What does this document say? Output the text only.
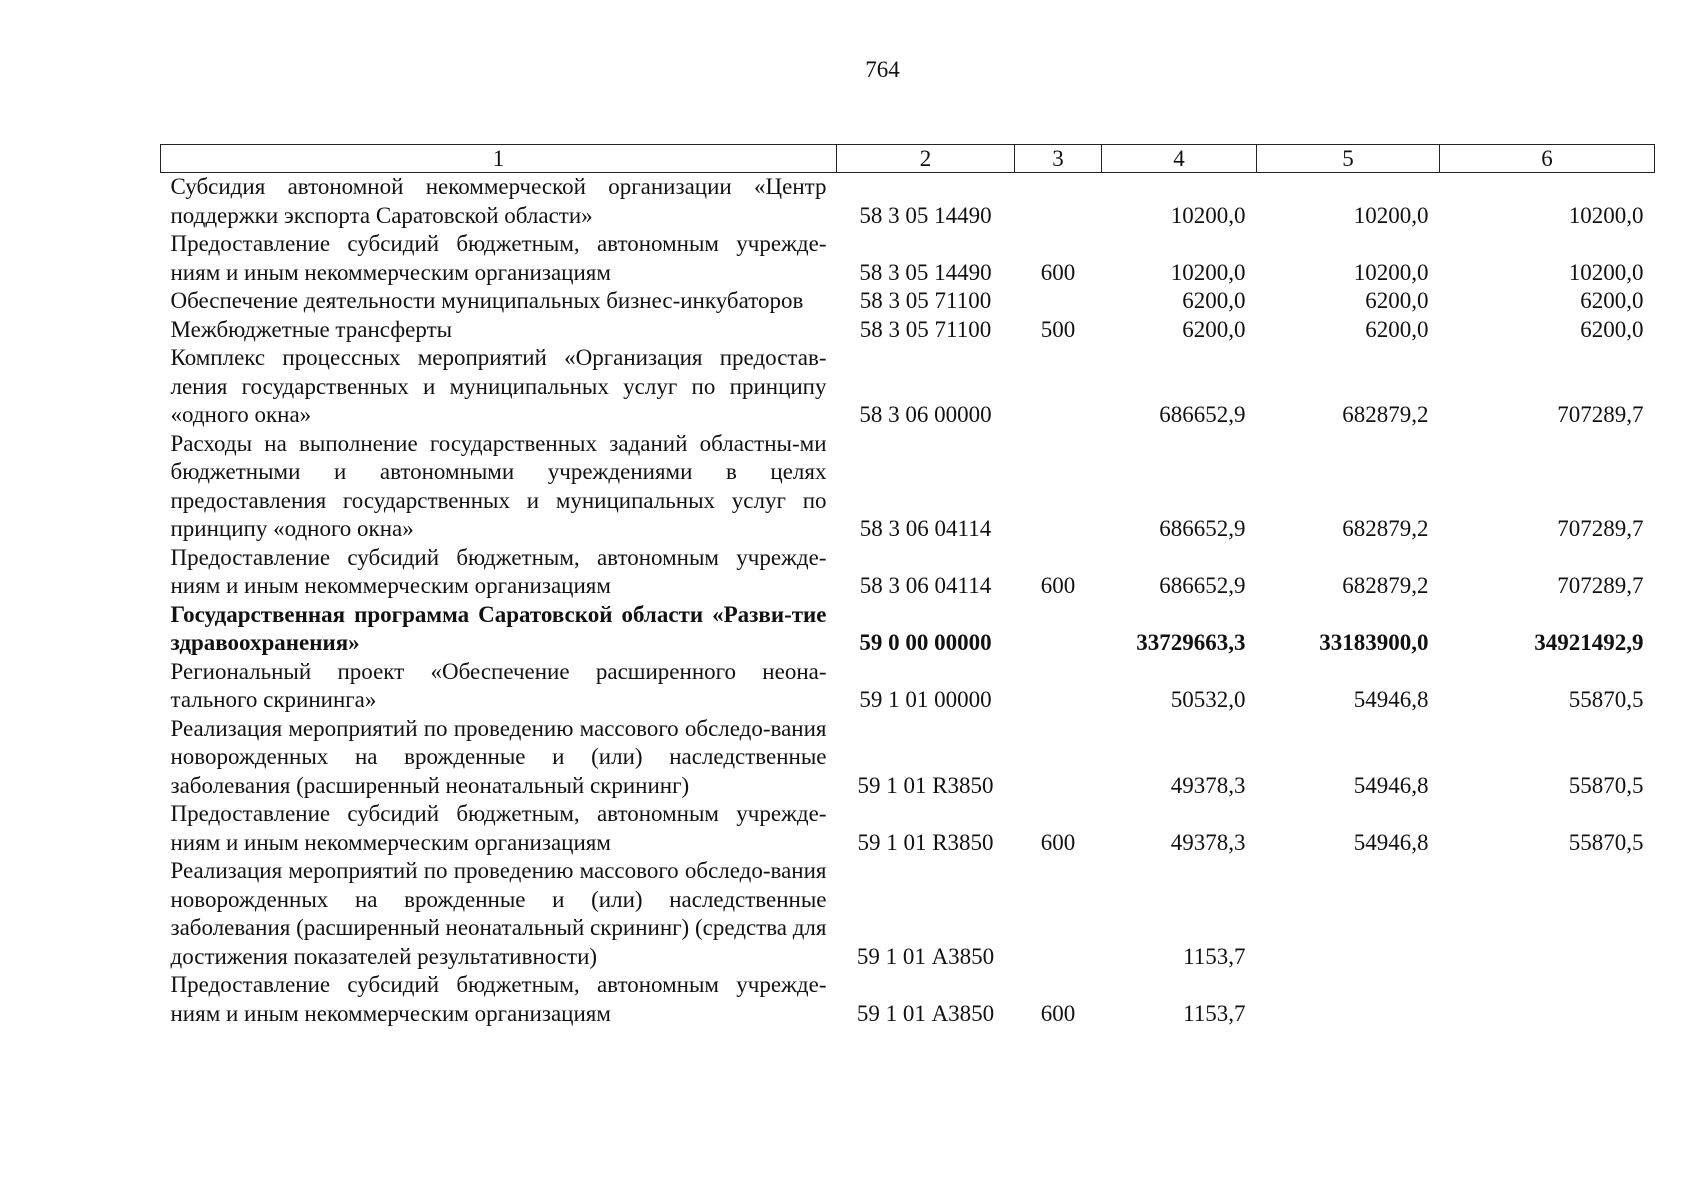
764
1	2	3	4	5	6
Субсидия автономной некоммерческой организации «Центр поддержки экспорта Саратовской области»	58 3 05 14490		10200,0	10200,0	10200,0
Предоставление субсидий бюджетным, автономным учрежде-ниям и иным некоммерческим организациям	58 3 05 14490	600	10200,0	10200,0	10200,0
Обеспечение деятельности муниципальных бизнес-инкубаторов	58 3 05 71100		6200,0	6200,0	6200,0
Межбюджетные трансферты	58 3 05 71100	500	6200,0	6200,0	6200,0
Комплекс процессных мероприятий «Организация предостав-ления государственных и муниципальных услуг по принципу «одного окна»	58 3 06 00000		686652,9	682879,2	707289,7
Расходы на выполнение государственных заданий областны-ми бюджетными и автономными учреждениями в целях предоставления государственных и муниципальных услуг по принципу «одного окна»	58 3 06 04114		686652,9	682879,2	707289,7
Предоставление субсидий бюджетным, автономным учрежде-ниям и иным некоммерческим организациям	58 3 06 04114	600	686652,9	682879,2	707289,7
Государственная программа Саратовской области «Разви-тие здравоохранения»	59 0 00 00000		33729663,3	33183900,0	34921492,9
Региональный проект «Обеспечение расширенного неона-тального скрининга»	59 1 01 00000		50532,0	54946,8	55870,5
Реализация мероприятий по проведению массового обследо-вания новорожденных на врожденные и (или) наследственные заболевания (расширенный неонатальный скрининг)	59 1 01 R3850		49378,3	54946,8	55870,5
Предоставление субсидий бюджетным, автономным учрежде-ниям и иным некоммерческим организациям	59 1 01 R3850	600	49378,3	54946,8	55870,5
Реализация мероприятий по проведению массового обследо-вания новорожденных на врожденные и (или) наследственные заболевания (расширенный неонатальный скрининг) (средства для достижения показателей результативности)	59 1 01 А3850		1153,7		
Предоставление субсидий бюджетным, автономным учрежде-ниям и иным некоммерческим организациям	59 1 01 А3850	600	1153,7		
